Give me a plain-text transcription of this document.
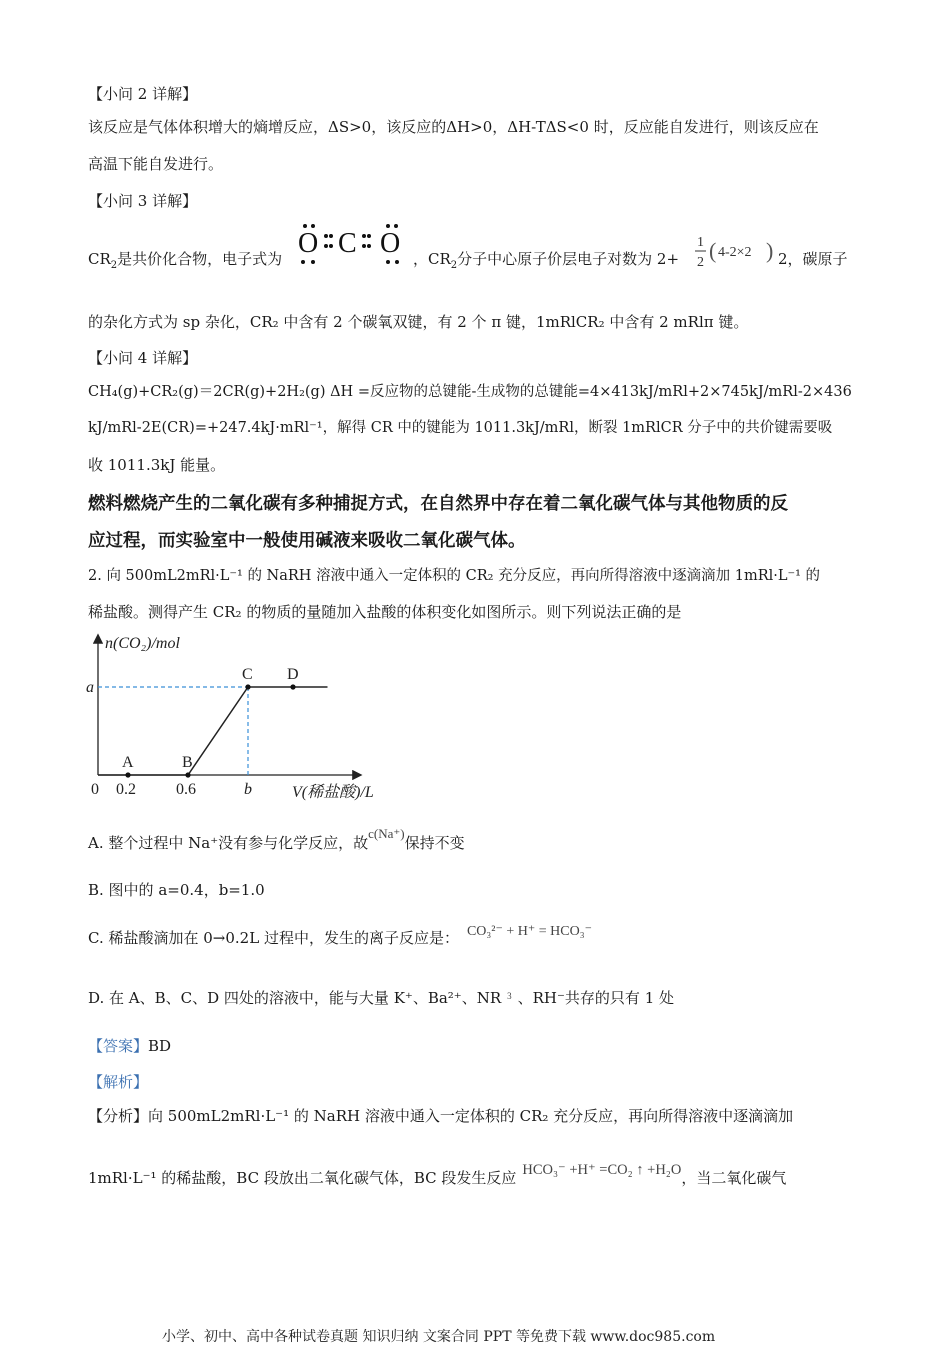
【小问 2 详解】
该反应是气体体积增大的熵增反应，ΔS>0，该反应的ΔH>0，ΔH-TΔS<0 时，反应能自发进行，则该反应在
高温下能自发进行。
【小问 3 详解】
$CR_2$是共价化合物，电子式为 O C O ，$CR_2$分子中心原子价层电子对数为 2+
1
2 ( 4-2×2 ) 2，碳原子
的杂化方式为 sp 杂化，CR₂ 中含有 2 个碳氧双键，有 2 个 π 键，1mRlCR₂ 中含有 2 mRlπ 键。
【小问 4 详解】
CH₄(g)+CR₂(g)＝2CR(g)+2H₂(g) ΔH =反应物的总键能-生成物的总键能=4×413kJ/mRl+2×745kJ/mRl-2×436
kJ/mRl-2E(CR)=+247.4kJ·mRl⁻¹，解得 CR 中的键能为 1011.3kJ/mRl，断裂 1mRlCR 分子中的共价键需要吸
收 1011.3kJ 能量。
燃料燃烧产生的二氧化碳有多种捕捉方式，在自然界中存在着二氧化碳气体与其他物质的反
应过程，而实验室中一般使用碱液来吸收二氧化碳气体。
2. 向 500mL2mRl·L⁻¹ 的 NaRH 溶液中通入一定体积的 CR₂ 充分反应，再向所得溶液中逐滴滴加 1mRl·L⁻¹ 的
稀盐酸。测得产生 CR₂ 的物质的量随加入盐酸的体积变化如图所示。则下列说法正确的是
n(CO₂)/mol
V(稀盐酸)/L
0
a
A	B
C D
0.2	0.6	b
A. 整个过程中 Na⁺没有参与化学反应，故c(Na⁺)保持不变
B. 图中的 a=0.4，b=1.0
C. 稀盐酸滴加在 0→0.2L 过程中，发生的离子反应是： CO₃²⁻ + H⁺ = HCO₃⁻
D. 在 A、B、C、D 四处的溶液中，能与大量 K⁺、Ba²⁺、NR $^3$ 、RH⁻共存的只有 1 处
【答案】BD
【解析】
【分析】向 500mL2mRl·L⁻¹ 的 NaRH 溶液中通入一定体积的 CR₂ 充分反应，再向所得溶液中逐滴滴加
1mRl·L⁻¹ 的稀盐酸，BC 段放出二氧化碳气体，BC 段发生反应 HCO₃⁻ +H⁺ =CO₂ ↑ +H₂O，当二氧化碳气
小学、初中、高中各种试卷真题 知识归纳 文案合同 PPT 等免费下载 www.doc985.com
